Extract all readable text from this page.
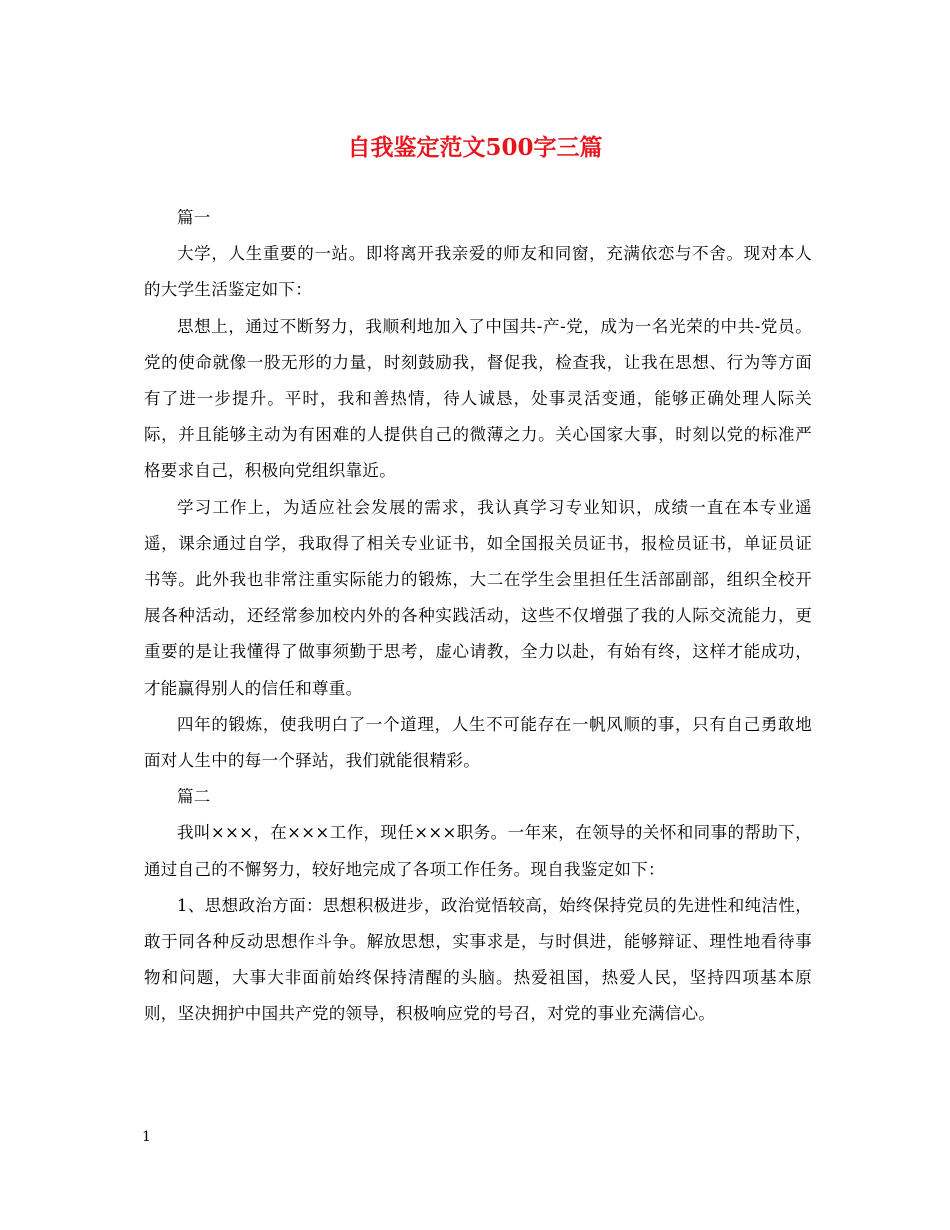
自我鉴定范文500字三篇

篇一

大学，人生重要的一站。即将离开我亲爱的师友和同窗，充满依恋与不舍。现对本人的大学生活鉴定如下：

思想上，通过不断努力，我顺利地加入了中国共-产-党，成为一名光荣的中共-党员。党的使命就像一股无形的力量，时刻鼓励我，督促我，检查我，让我在思想、行为等方面有了进一步提升。平时，我和善热情，待人诚恳，处事灵活变通，能够正确处理人际关际，并且能够主动为有困难的人提供自己的微薄之力。关心国家大事，时刻以党的标准严格要求自己，积极向党组织靠近。

学习工作上，为适应社会发展的需求，我认真学习专业知识，成绩一直在本专业遥遥，课余通过自学，我取得了相关专业证书，如全国报关员证书，报检员证书，单证员证书等。此外我也非常注重实际能力的锻炼，大二在学生会里担任生活部副部，组织全校开展各种活动，还经常参加校内外的各种实践活动，这些不仅增强了我的人际交流能力，更重要的是让我懂得了做事须勤于思考，虚心请教，全力以赴，有始有终，这样才能成功，才能赢得别人的信任和尊重。

四年的锻炼，使我明白了一个道理，人生不可能存在一帆风顺的事，只有自己勇敢地面对人生中的每一个驿站，我们就能很精彩。

篇二

我叫×××，在×××工作，现任×××职务。一年来，在领导的关怀和同事的帮助下，通过自己的不懈努力，较好地完成了各项工作任务。现自我鉴定如下：

1、思想政治方面：思想积极进步，政治觉悟较高，始终保持党员的先进性和纯洁性，敢于同各种反动思想作斗争。解放思想，实事求是，与时俱进，能够辩证、理性地看待事物和问题，大事大非面前始终保持清醒的头脑。热爱祖国，热爱人民，坚持四项基本原则，坚决拥护中国共产党的领导，积极响应党的号召，对党的事业充满信心。

1
